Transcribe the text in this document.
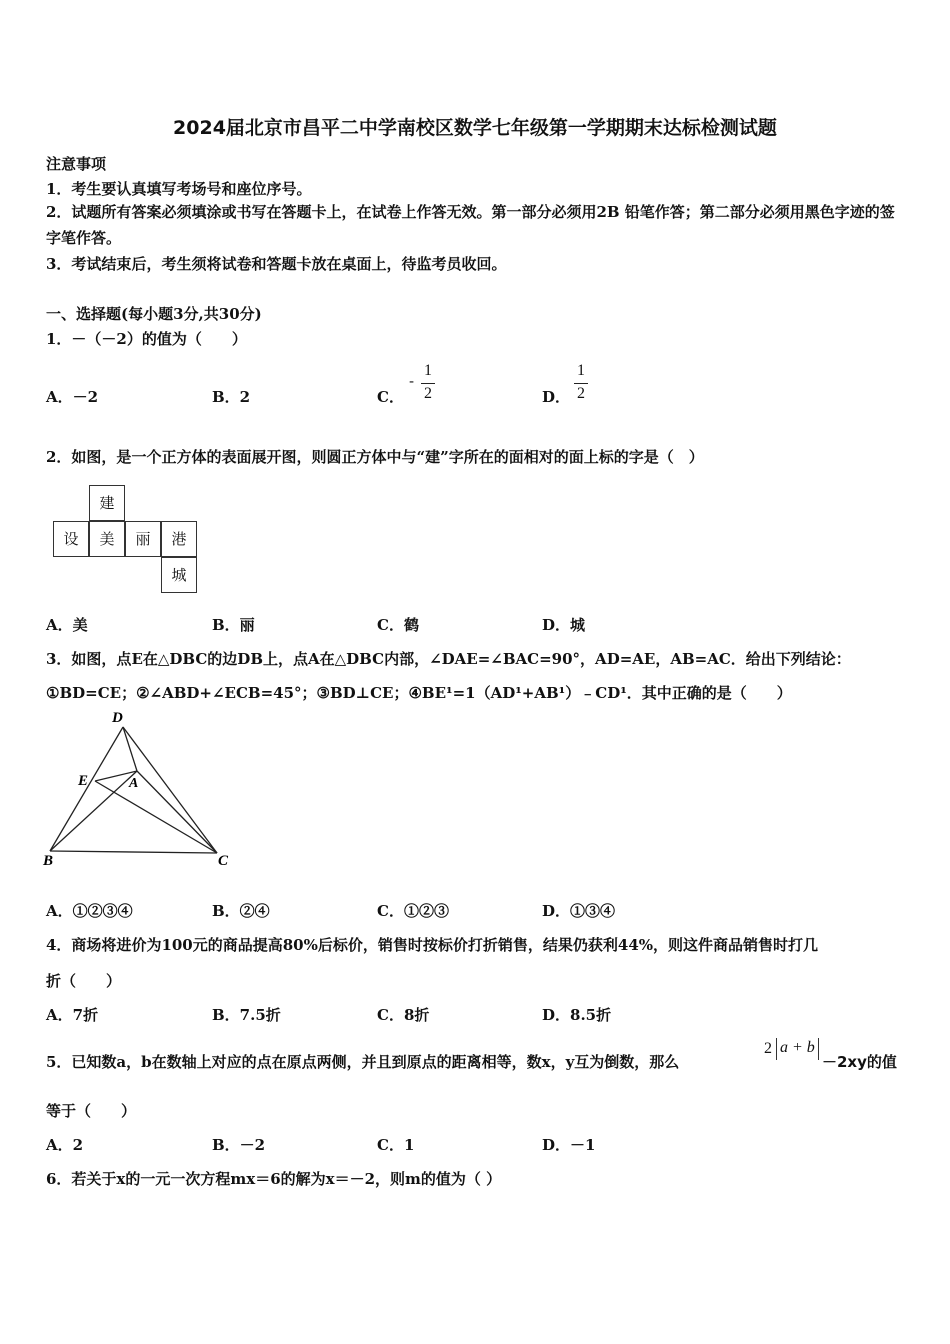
2024届北京市昌平二中学南校区数学七年级第一学期期末达标检测试题
注意事项
1．考生要认真填写考场号和座位序号。
2．试题所有答案必须填涂或书写在答题卡上，在试卷上作答无效。第一部分必须用2B 铅笔作答；第二部分必须用黑色字迹的签字笔作答。
3．考试结束后，考生须将试卷和答题卡放在桌面上，待监考员收回。
一、选择题(每小题3分,共30分)
1．－（－2）的值为（　　）
A．－2	B．2	C．
-
1
2	D．
1
2
2．如图，是一个正方体的表面展开图，则圆正方体中与“建”字所在的面相对的面上标的字是（　）
建
设	美	丽	港
城
A．美	B．丽	C．鹤	D．城
3．如图，点E在△DBC的边DB上，点A在△DBC内部，∠DAE=∠BAC=90°，AD=AE，AB=AC．给出下列结论：
①BD=CE；②∠ABD+∠ECB=45°；③BD⊥CE；④BE¹=1（AD¹+AB¹）﹣CD¹．其中正确的是（　　）
D
E	A
B	C
A．①②③④	B．②④	C．①②③	D．①③④
4．商场将进价为100元的商品提高80%后标价，销售时按标价打折销售，结果仍获利44%，则这件商品销售时打几
折（　　）
A．7折	B．7.5折	C．8折	D．8.5折
5．已知数a，b在数轴上对应的点在原点两侧，并且到原点的距离相等，数x，y互为倒数，那么
2 a + b
－2xy的值
等于（　　）
A．2	B．－2	C．1	D．－1
6．若关于x的一元一次方程mx＝6的解为x＝－2，则m的值为（ ）
